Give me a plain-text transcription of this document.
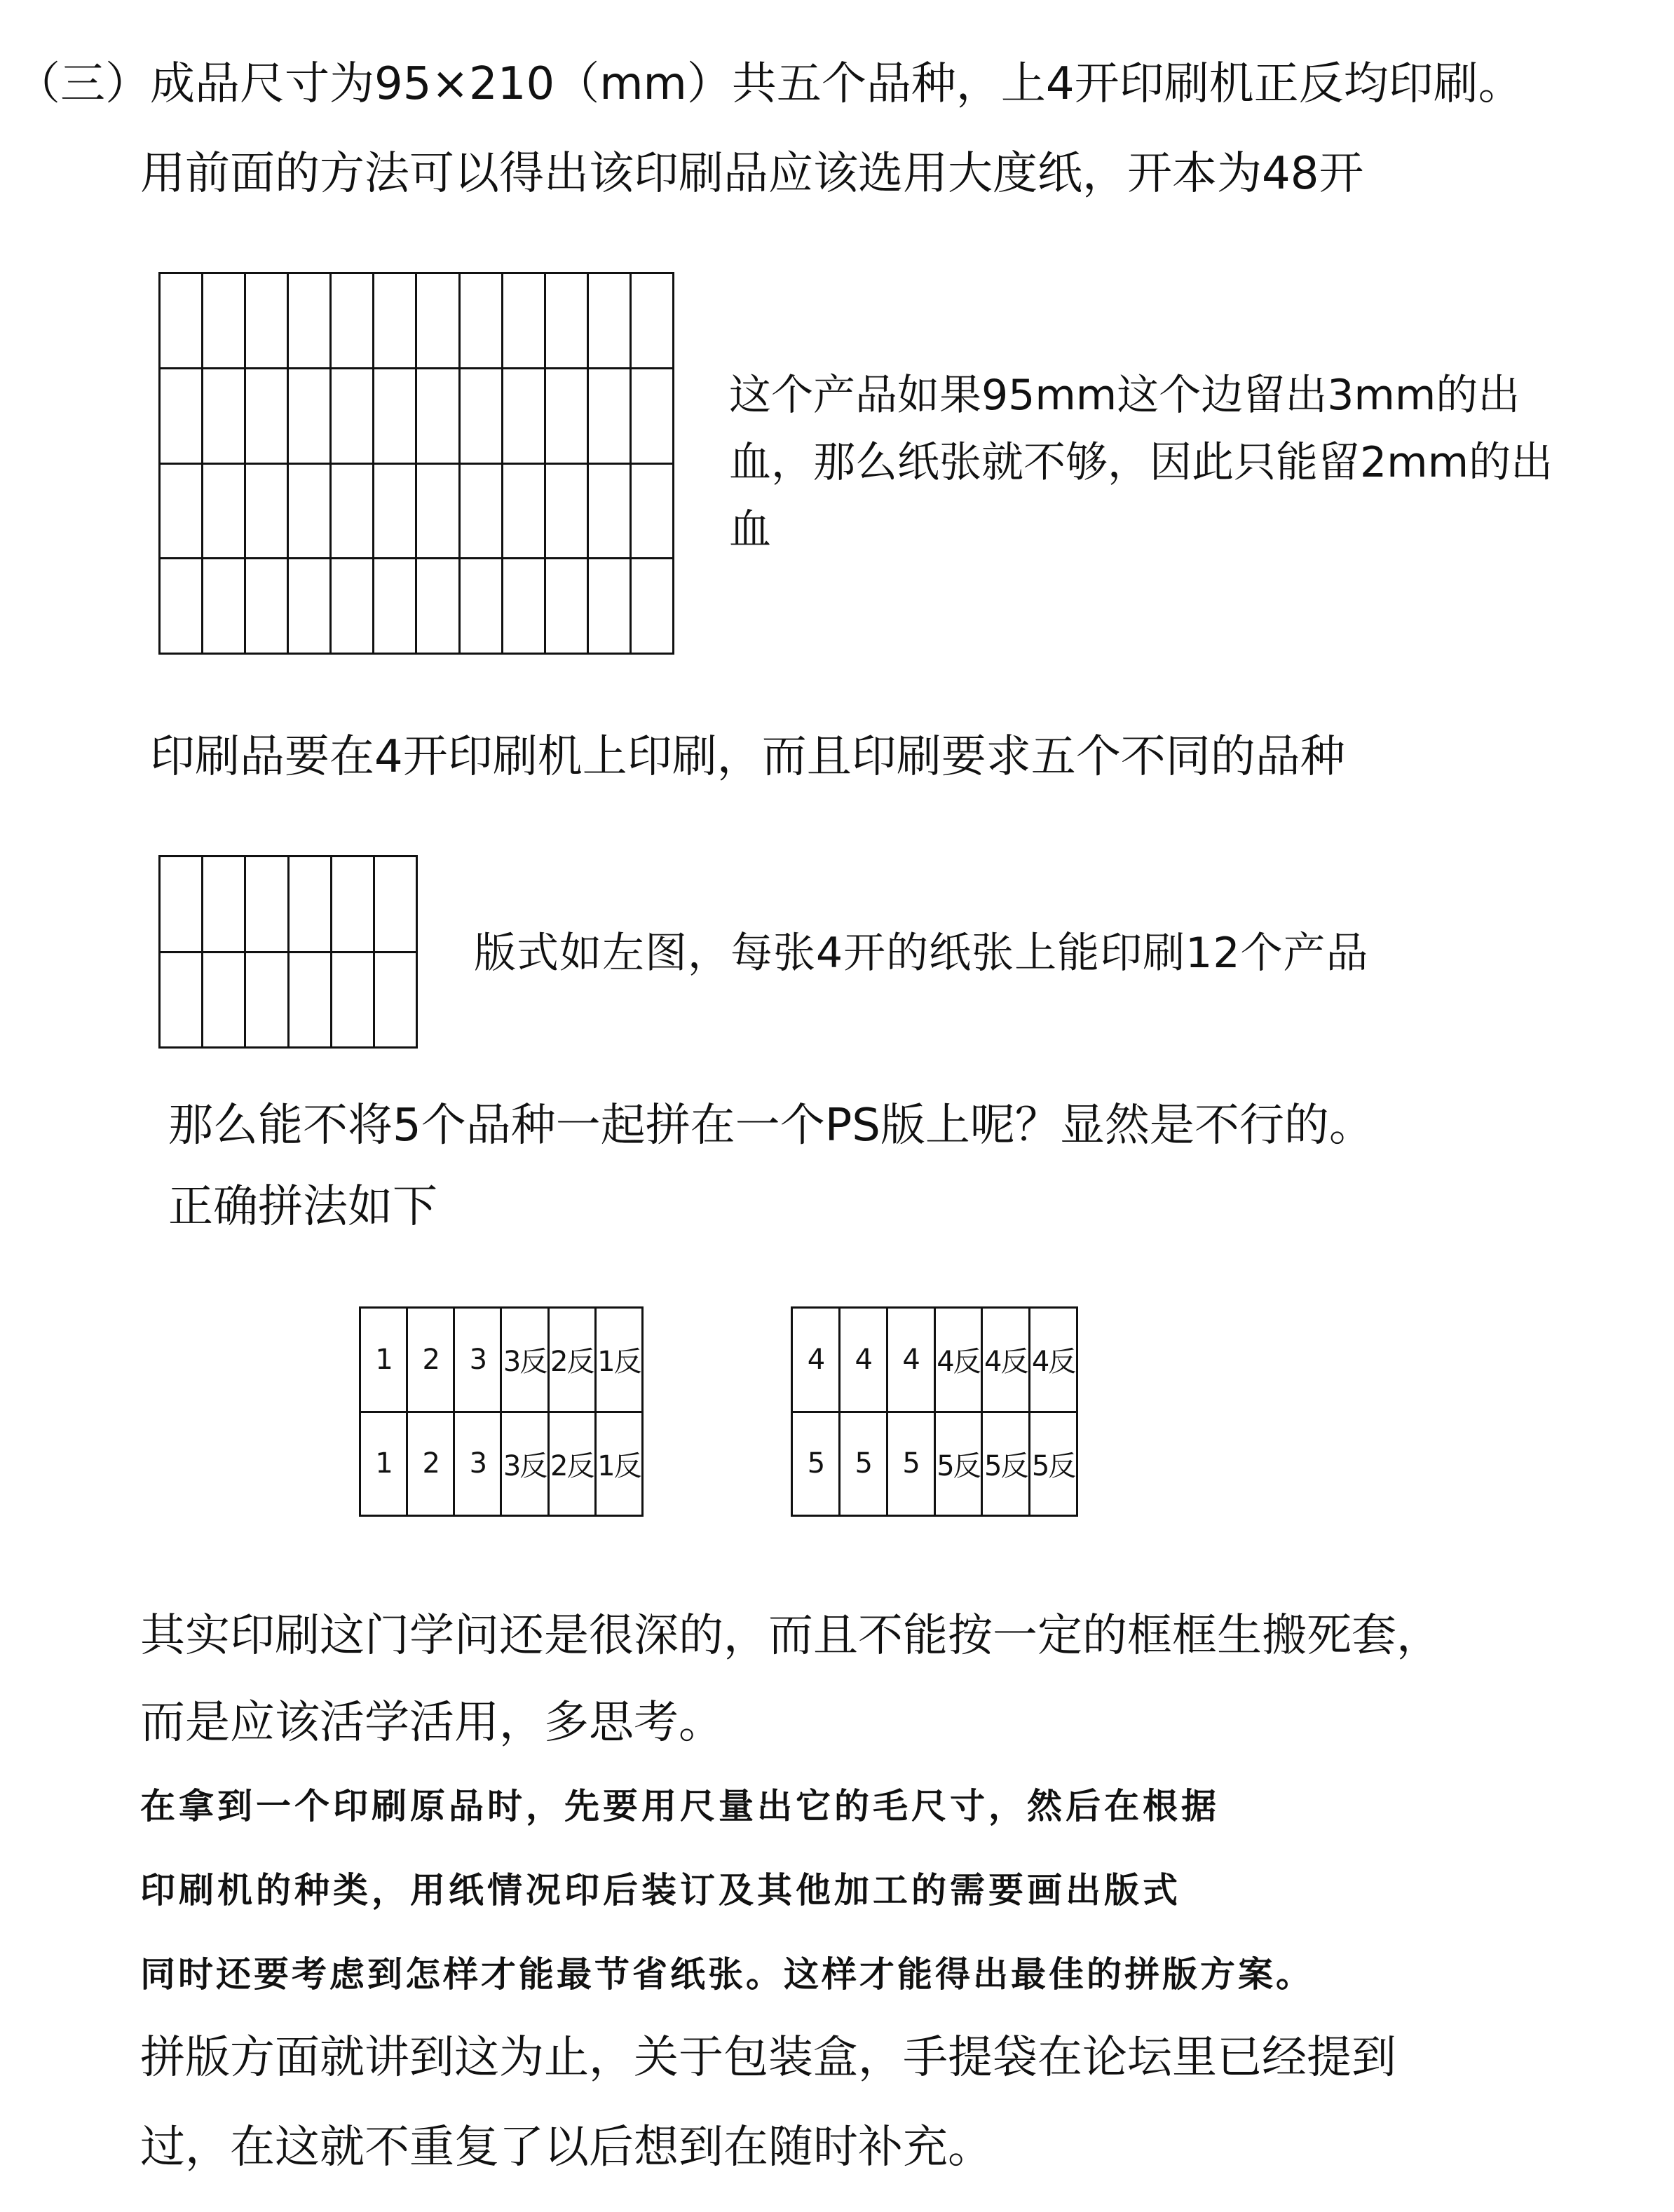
（三）成品尺寸为95×210（mm）共五个品种，上4开印刷机正反均印刷。

用前面的方法可以得出该印刷品应该选用大度纸，开本为48开

这个产品如果95mm这个边留出3mm的出血，那么纸张就不够，因此只能留2mm的出血

印刷品要在4开印刷机上印刷，而且印刷要求五个不同的品种

版式如左图，每张4开的纸张上能印刷12个产品

那么能不将5个品种一起拼在一个PS版上呢？显然是不行的。

正确拼法如下

1	2	3 3反 2反 1反
1	2	3 3反 2反 1反
4	4	4 4反 4反 4反
5	5	5 5反 5反 5反

其实印刷这门学问还是很深的，而且不能按一定的框框生搬死套，

而是应该活学活用，多思考。

在拿到一个印刷原品时，先要用尺量出它的毛尺寸，然后在根据

印刷机的种类，用纸情况印后装订及其他加工的需要画出版式

同时还要考虑到怎样才能最节省纸张。这样才能得出最佳的拼版方案。

拼版方面就讲到这为止，关于包装盒，手提袋在论坛里已经提到

过，在这就不重复了以后想到在随时补充。
